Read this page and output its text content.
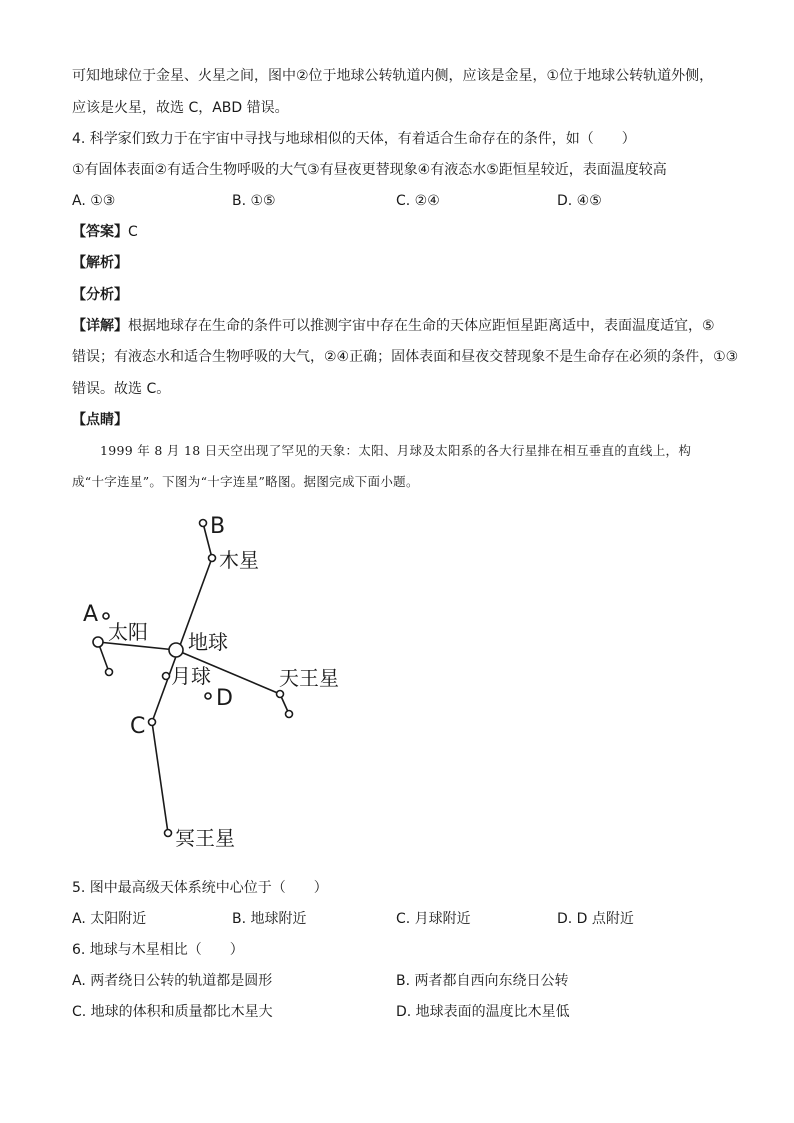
可知地球位于金星、火星之间，图中②位于地球公转轨道内侧，应该是金星，①位于地球公转轨道外侧，
应该是火星，故选 C，ABD 错误。
4. 科学家们致力于在宇宙中寻找与地球相似的天体，有着适合生命存在的条件，如（　　）
①有固体表面②有适合生物呼吸的大气③有昼夜更替现象④有液态水⑤距恒星较近，表面温度较高
A. ①③	B. ①⑤	C. ②④	D. ④⑤
【答案】C
【解析】
【分析】
【详解】根据地球存在生命的条件可以推测宇宙中存在生命的天体应距恒星距离适中，表面温度适宜，⑤
错误；有液态水和适合生物呼吸的大气，②④正确；固体表面和昼夜交替现象不是生命存在必须的条件，①③
错误。故选 C。
【点睛】
1999 年 8 月 18 日天空出现了罕见的天象：太阳、月球及太阳系的各大行星排在相互垂直的直线上，构
成“十字连星”。下图为“十字连星”略图。据图完成下面小题。
B
木星
A
太阳 地球
天王星
月球
D
C
冥王星
5. 图中最高级天体系统中心位于（　　）
A. 太阳附近	B. 地球附近	C. 月球附近	D. D 点附近
6. 地球与木星相比（　　）
A. 两者绕日公转的轨道都是圆形	B. 两者都自西向东绕日公转
C. 地球的体积和质量都比木星大	D. 地球表面的温度比木星低
